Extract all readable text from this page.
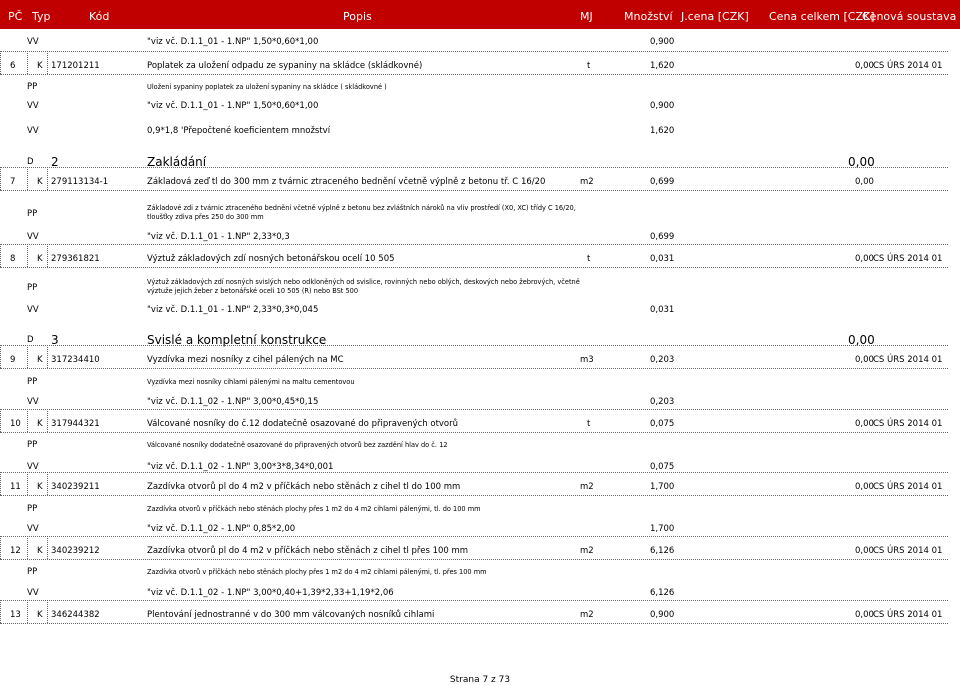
PČ Typ	Kód	Popis	MJ	Množství J.cena [CZK] Cena celkem [CZK]
Cenová soustava
VV	"viz vč. D.1.1_01 - 1.NP" 1,50*0,60*1,00	0,900
6	K 171201211	Poplatek za uložení odpadu ze sypaniny na skládce (skládkovné)	t	1,620	0,00 CS ÚRS 2014 01
PP	Uložení sypaniny poplatek za uložení sypaniny na skládce ( skládkovné )
VV	"viz vč. D.1.1_01 - 1.NP" 1,50*0,60*1,00	0,900
VV	0,9*1,8 'Přepočtené koeficientem množství	1,620
D 2	Zakládání	0,00
7	K 279113134-1	Základová zeď tl do 300 mm z tvárnic ztraceného bednění včetně výplně z betonu tř. C 16/20	m2	0,699	0,00
PP
Základové zdi z tvárnic ztraceného bednění včetně výplně z betonu bez zvláštních nároků na vliv prostředí (X0, XC) třídy C 16/20,
tloušťky zdiva přes 250 do 300 mm
VV	"viz vč. D.1.1_01 - 1.NP" 2,33*0,3	0,699
8	K 279361821	Výztuž základových zdí nosných betonářskou ocelí 10 505	t	0,031	0,00 CS ÚRS 2014 01
PP
Výztuž základových zdí nosných svislých nebo odkloněných od svislice, rovinných nebo oblých, deskových nebo žebrových, včetně
výztuže jejich žeber z betonářské oceli 10 505 (R) nebo BSt 500
VV	"viz vč. D.1.1_01 - 1.NP" 2,33*0,3*0,045	0,031
D 3	Svislé a kompletní konstrukce	0,00
9	K 317234410	Vyzdívka mezi nosníky z cihel pálených na MC	m3	0,203	0,00 CS ÚRS 2014 01
PP	Vyzdívka mezi nosníky cihlami pálenými na maltu cementovou
VV	"viz vč. D.1.1_02 - 1.NP" 3,00*0,45*0,15	0,203
10 K 317944321	Válcované nosníky do č.12 dodatečně osazované do připravených otvorů	t	0,075	0,00 CS ÚRS 2014 01
PP	Válcované nosníky dodatečně osazované do připravených otvorů bez zazdění hlav do č. 12
VV	"viz vč. D.1.1_02 - 1.NP" 3,00*3*8,34*0,001	0,075
11 K 340239211	Zazdívka otvorů pl do 4 m2 v příčkách nebo stěnách z cihel tl do 100 mm	m2	1,700	0,00 CS ÚRS 2014 01
PP	Zazdívka otvorů v příčkách nebo stěnách plochy přes 1 m2 do 4 m2 cihlami pálenými, tl. do 100 mm
VV	"viz vč. D.1.1_02 - 1.NP" 0,85*2,00	1,700
12 K 340239212	Zazdívka otvorů pl do 4 m2 v příčkách nebo stěnách z cihel tl přes 100 mm	m2	6,126	0,00 CS ÚRS 2014 01
PP	Zazdívka otvorů v příčkách nebo stěnách plochy přes 1 m2 do 4 m2 cihlami pálenými, tl. přes 100 mm
VV	"viz vč. D.1.1_02 - 1.NP" 3,00*0,40+1,39*2,33+1,19*2,06	6,126
13 K 346244382	Plentování jednostranné v do 300 mm válcovaných nosníků cihlami	m2	0,900	0,00 CS ÚRS 2014 01
Strana 7 z 73
